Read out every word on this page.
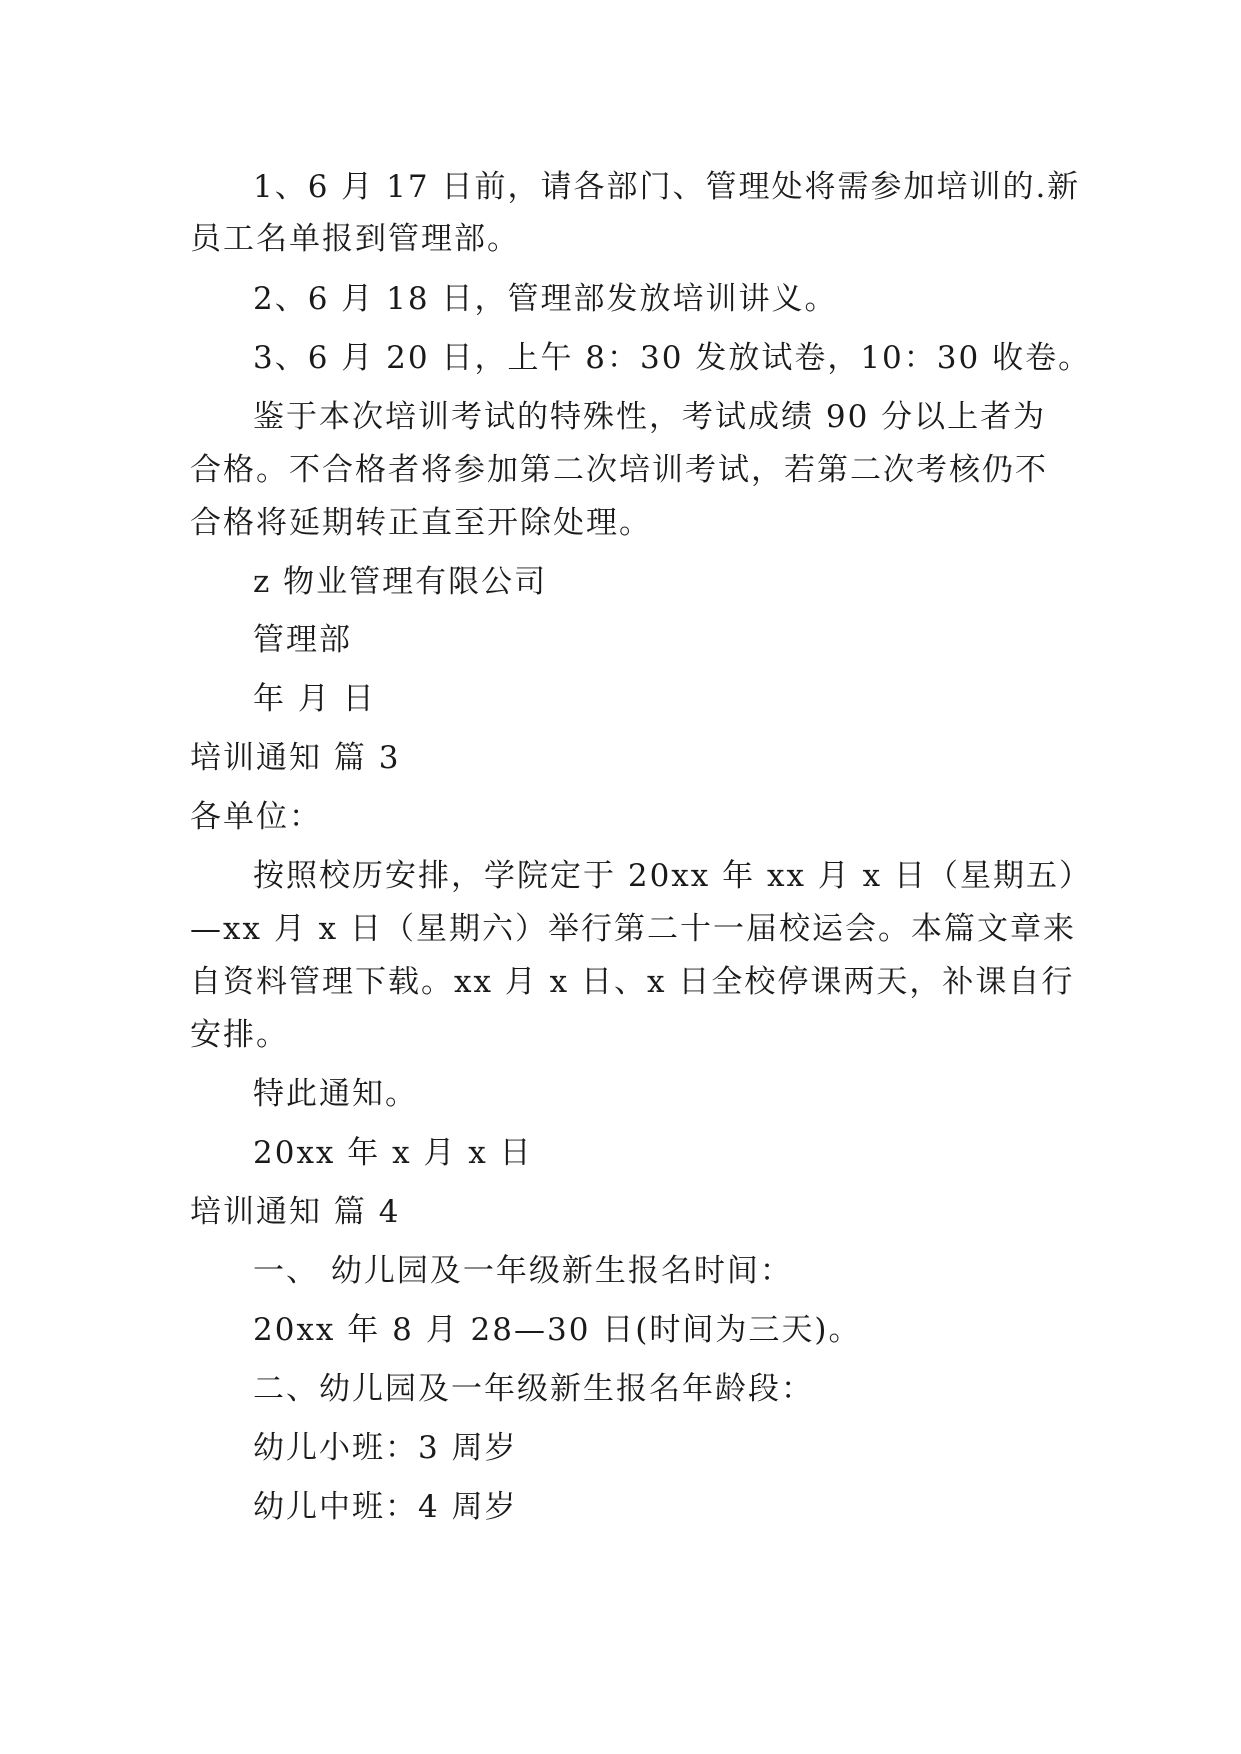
1、6 月 17 日前，请各部门、管理处将需参加培训的.新
员工名单报到管理部。
2、6 月 18 日，管理部发放培训讲义。
3、6 月 20 日，上午 8：30 发放试卷，10：30 收卷。
鉴于本次培训考试的特殊性，考试成绩 90 分以上者为
合格。不合格者将参加第二次培训考试，若第二次考核仍不
合格将延期转正直至开除处理。
z 物业管理有限公司
管理部
年 月 日
培训通知 篇 3
各单位：
按照校历安排，学院定于 20xx 年 xx 月 x 日（星期五）
—xx 月 x 日（星期六）举行第二十一届校运会。本篇文章来
自资料管理下载。xx 月 x 日、x 日全校停课两天，补课自行
安排。
特此通知。
20xx 年 x 月 x 日
培训通知 篇 4
一、 幼儿园及一年级新生报名时间：
20xx 年 8 月 28—30 日(时间为三天)。
二、幼儿园及一年级新生报名年龄段：
幼儿小班：3 周岁
幼儿中班：4 周岁
